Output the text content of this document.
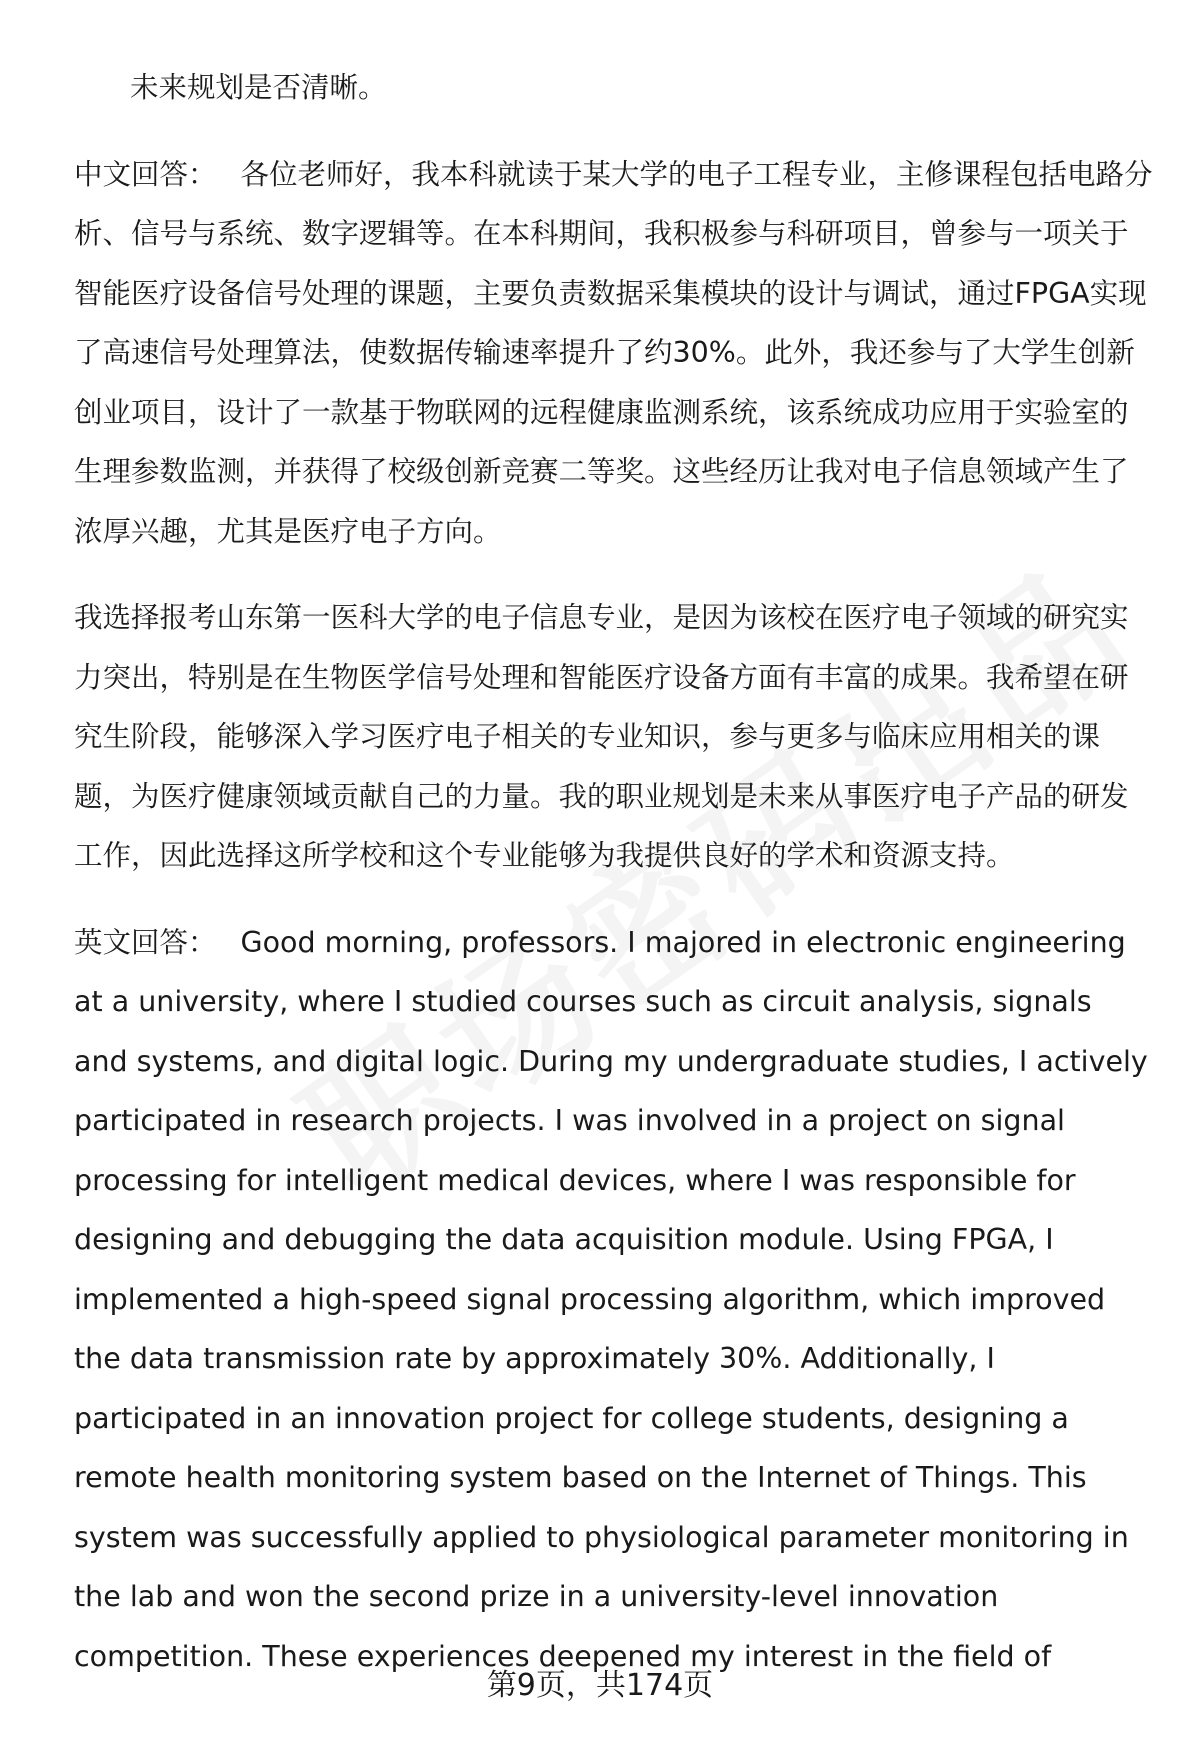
未来规划是否清晰。

中文回答： 各位老师好，我本科就读于某大学的电子工程专业，主修课程包括电路分析、信号与系统、数字逻辑等。在本科期间，我积极参与科研项目，曾参与一项关于智能医疗设备信号处理的课题，主要负责数据采集模块的设计与调试，通过FPGA实现了高速信号处理算法，使数据传输速率提升了约30%。此外，我还参与了大学生创新创业项目，设计了一款基于物联网的远程健康监测系统，该系统成功应用于实验室的生理参数监测，并获得了校级创新竞赛二等奖。这些经历让我对电子信息领域产生了浓厚兴趣，尤其是医疗电子方向。

我选择报考山东第一医科大学的电子信息专业，是因为该校在医疗电子领域的研究实力突出，特别是在生物医学信号处理和智能医疗设备方面有丰富的成果。我希望在研究生阶段，能够深入学习医疗电子相关的专业知识，参与更多与临床应用相关的课题，为医疗健康领域贡献自己的力量。我的职业规划是未来从事医疗电子产品的研发工作，因此选择这所学校和这个专业能够为我提供良好的学术和资源支持。

英文回答： Good morning, professors. I majored in electronic engineering at a university, where I studied courses such as circuit analysis, signals and systems, and digital logic. During my undergraduate studies, I actively participated in research projects. I was involved in a project on signal processing for intelligent medical devices, where I was responsible for designing and debugging the data acquisition module. Using FPGA, I implemented a high-speed signal processing algorithm, which improved the data transmission rate by approximately 30%. Additionally, I participated in an innovation project for college students, designing a remote health monitoring system based on the Internet of Things. This system was successfully applied to physiological parameter monitoring in the lab and won the second prize in a university-level innovation competition. These experiences deepened my interest in the field of

第9页，共174页
